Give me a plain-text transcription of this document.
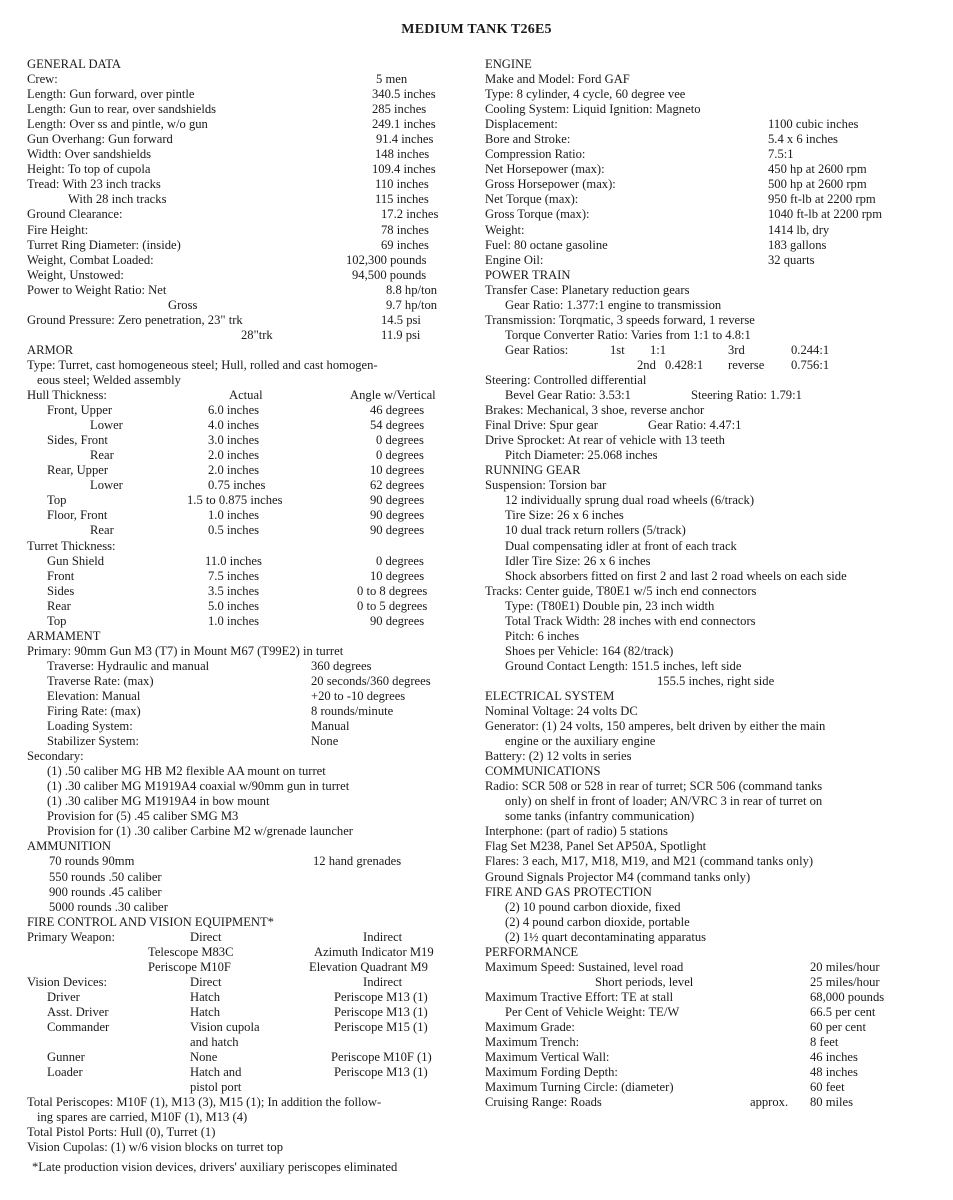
MEDIUM TANK T26E5
GENERAL DATA
Crew:	5 men
Length: Gun forward, over pintle	340.5 inches
Length: Gun to rear, over sandshields	285 inches
Length: Over ss and pintle, w/o gun	249.1 inches
Gun Overhang: Gun forward	91.4 inches
Width: Over sandshields	148 inches
Height: To top of cupola	109.4 inches
Tread: With 23 inch tracks	110 inches
With 28 inch tracks	115 inches
Ground Clearance:	17.2 inches
Fire Height:	78 inches
Turret Ring Diameter: (inside)	69 inches
Weight, Combat Loaded:	102,300 pounds
Weight, Unstowed:	94,500 pounds
Power to Weight Ratio: Net	8.8 hp/ton
Gross	9.7 hp/ton
Ground Pressure: Zero penetration, 23" trk	14.5 psi
28"trk	11.9 psi
ARMOR
Type: Turret, cast homogeneous steel; Hull, rolled and cast homogen-
eous steel; Welded assembly
Hull Thickness:	Actual	Angle w/Vertical
Front, Upper	6.0 inches	46 degrees
Lower	4.0 inches	54 degrees
Sides, Front	3.0 inches	0 degrees
Rear	2.0 inches	0 degrees
Rear, Upper	2.0 inches	10 degrees
Lower	0.75 inches	62 degrees
Top	1.5 to 0.875 inches	90 degrees
Floor, Front	1.0 inches	90 degrees
Rear	0.5 inches	90 degrees
Turret Thickness:
Gun Shield	11.0 inches	0 degrees
Front	7.5 inches	10 degrees
Sides	3.5 inches	0 to 8 degrees
Rear	5.0 inches	0 to 5 degrees
Top	1.0 inches	90 degrees
ARMAMENT
Primary: 90mm Gun M3 (T7) in Mount M67 (T99E2) in turret
Traverse: Hydraulic and manual	360 degrees
Traverse Rate: (max)	20 seconds/360 degrees
Elevation: Manual	+20 to -10 degrees
Firing Rate: (max)	8 rounds/minute
Loading System:	Manual
Stabilizer System:	None
Secondary:
(1) .50 caliber MG HB M2 flexible AA mount on turret
(1) .30 caliber MG M1919A4 coaxial w/90mm gun in turret
(1) .30 caliber MG M1919A4 in bow mount
Provision for (5) .45 caliber SMG M3
Provision for (1) .30 caliber Carbine M2 w/grenade launcher
AMMUNITION
70 rounds 90mm	12 hand grenades
550 rounds .50 caliber
900 rounds .45 caliber
5000 rounds .30 caliber
FIRE CONTROL AND VISION EQUIPMENT*
Primary Weapon:	Direct	Indirect
Telescope M83C	Azimuth Indicator M19
Periscope M10F	Elevation Quadrant M9
Vision Devices:	Direct	Indirect
Driver	Hatch	Periscope M13 (1)
Asst. Driver	Hatch	Periscope M13 (1)
Commander	Vision cupola	Periscope M15 (1)
and hatch
Gunner	None	Periscope M10F (1)
Loader	Hatch and	Periscope M13 (1)
pistol port
Total Periscopes: M10F (1), M13 (3), M15 (1); In addition the follow-
ing spares are carried, M10F (1), M13 (4)
Total Pistol Ports: Hull (0), Turret (1)
Vision Cupolas: (1) w/6 vision blocks on turret top
ENGINE
Make and Model: Ford GAF
Type: 8 cylinder, 4 cycle, 60 degree vee
Cooling System: Liquid Ignition: Magneto
Displacement:	1100 cubic inches
Bore and Stroke:	5.4 x 6 inches
Compression Ratio:	7.5:1
Net Horsepower (max):	450 hp at 2600 rpm
Gross Horsepower (max):	500 hp at 2600 rpm
Net Torque (max):	950 ft-lb at 2200 rpm
Gross Torque (max):	1040 ft-lb at 2200 rpm
Weight:	1414 lb, dry
Fuel: 80 octane gasoline	183 gallons
Engine Oil:	32 quarts
POWER TRAIN
Transfer Case: Planetary reduction gears
Gear Ratio: 1.377:1 engine to transmission
Transmission: Torqmatic, 3 speeds forward, 1 reverse
Torque Converter Ratio: Varies from 1:1 to 4.8:1
Gear Ratios:	1st 1:1	3rd	0.244:1
2nd 0.428:1 reverse 0.756:1
Steering: Controlled differential
Bevel Gear Ratio: 3.53:1	Steering Ratio: 1.79:1
Brakes: Mechanical, 3 shoe, reverse anchor
Final Drive: Spur gear	Gear Ratio: 4.47:1
Drive Sprocket: At rear of vehicle with 13 teeth
Pitch Diameter: 25.068 inches
RUNNING GEAR
Suspension: Torsion bar
12 individually sprung dual road wheels (6/track)
Tire Size: 26 x 6 inches
10 dual track return rollers (5/track)
Dual compensating idler at front of each track
Idler Tire Size: 26 x 6 inches
Shock absorbers fitted on first 2 and last 2 road wheels on each side
Tracks: Center guide, T80E1 w/5 inch end connectors
Type: (T80E1) Double pin, 23 inch width
Total Track Width: 28 inches with end connectors
Pitch: 6 inches
Shoes per Vehicle: 164 (82/track)
Ground Contact Length: 151.5 inches, left side
155.5 inches, right side
ELECTRICAL SYSTEM
Nominal Voltage: 24 volts DC
Generator: (1) 24 volts, 150 amperes, belt driven by either the main
engine or the auxiliary engine
Battery: (2) 12 volts in series
COMMUNICATIONS
Radio: SCR 508 or 528 in rear of turret; SCR 506 (command tanks
only) on shelf in front of loader; AN/VRC 3 in rear of turret on
some tanks (infantry communication)
Interphone: (part of radio) 5 stations
Flag Set M238, Panel Set AP50A, Spotlight
Flares: 3 each, M17, M18, M19, and M21 (command tanks only)
Ground Signals Projector M4 (command tanks only)
FIRE AND GAS PROTECTION
(2) 10 pound carbon dioxide, fixed
(2) 4 pound carbon dioxide, portable
(2) 1½ quart decontaminating apparatus
PERFORMANCE
Maximum Speed: Sustained, level road	20 miles/hour
Short periods, level	25 miles/hour
Maximum Tractive Effort: TE at stall	68,000 pounds
Per Cent of Vehicle Weight: TE/W	66.5 per cent
Maximum Grade:	60 per cent
Maximum Trench:	8 feet
Maximum Vertical Wall:	46 inches
Maximum Fording Depth:	48 inches
Maximum Turning Circle: (diameter)	60 feet
Cruising Range: Roads	approx. 80 miles
*Late production vision devices, drivers' auxiliary periscopes eliminated
